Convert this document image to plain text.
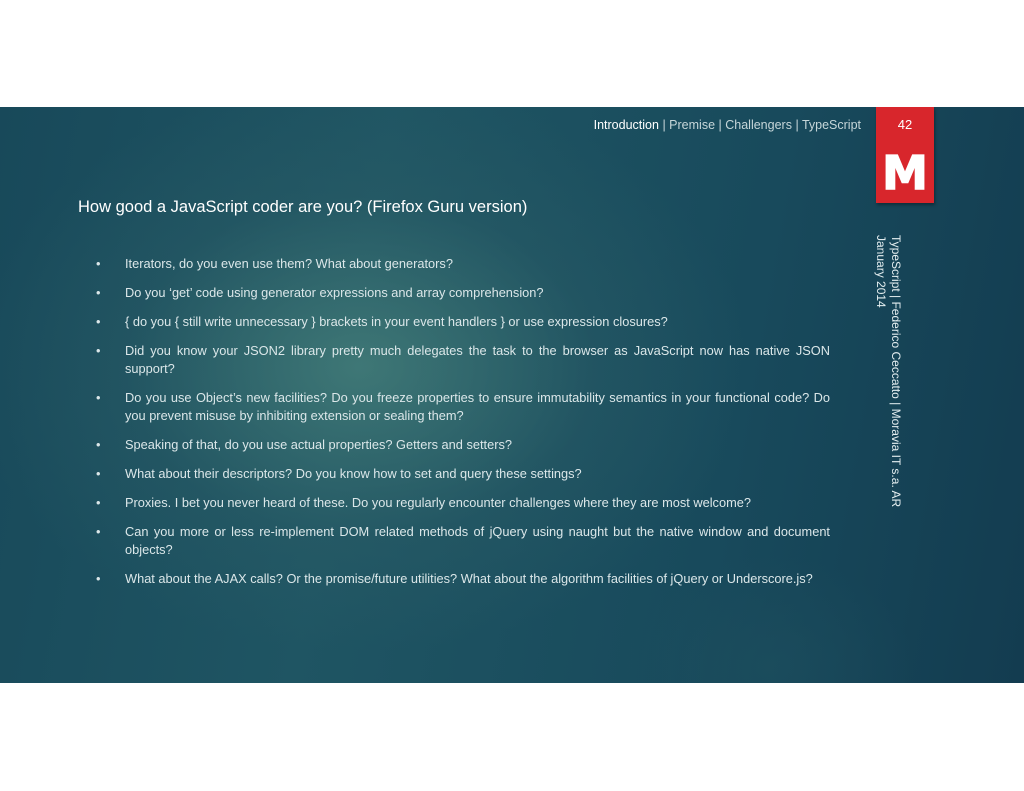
Introduction | Premise | Challengers | TypeScript	42
M
How good a JavaScript coder are you? (Firefox Guru version)
• Iterators, do you even use them? What about generators?
• Do you ‘get’ code using generator expressions and array comprehension?
• { do you { still write unnecessary } brackets in your event handlers } or use expression closures?
• Did you know your JSON2 library pretty much delegates the task to the browser as JavaScript now has native JSON support?
• Do you use Object’s new facilities? Do you freeze properties to ensure immutability semantics in your functional code? Do you prevent misuse by inhibiting extension or sealing them?
• Speaking of that, do you use actual properties? Getters and setters?
• What about their descriptors? Do you know how to set and query these settings?
• Proxies. I bet you never heard of these. Do you regularly encounter challenges where they are most welcome?
• Can you more or less re-implement DOM related methods of jQuery using naught but the native window and document objects?
• What about the AJAX calls? Or the promise/future utilities? What about the algorithm facilities of jQuery or Underscore.js?
TypeScript | Federico Ceccatto | Moravia IT s.a. AR
January 2014
